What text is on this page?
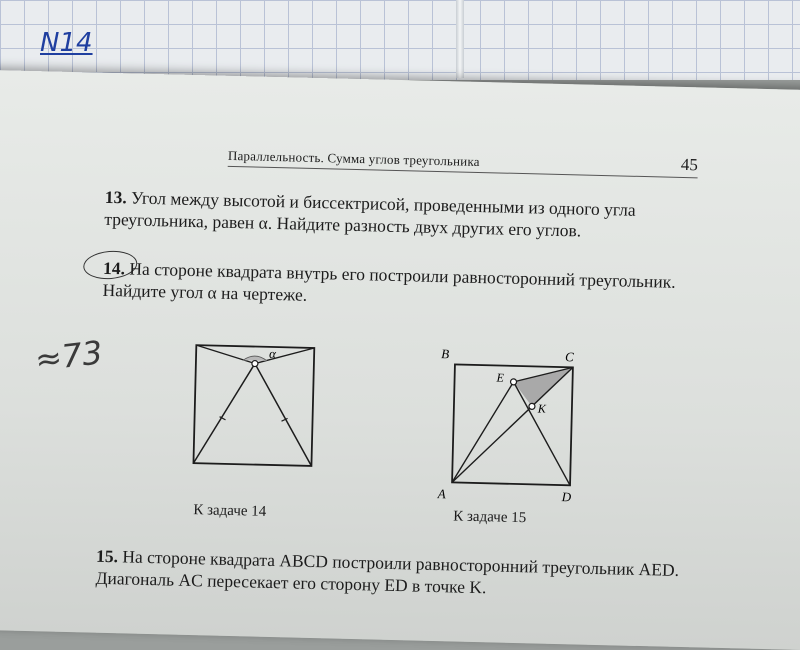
N14
Параллельность. Сумма углов треугольника	45

13. Угол между высотой и биссектрисой, проведенными из одного угла треугольника, равен α. Найдите разность двух других его углов.

14. На стороне квадрата внутрь его построили равносторонний треугольник. Найдите угол α на чертеже.

≈73	α
К задаче 14
B	C
A	D
E
K
К задаче 15

15. На стороне квадрата ABCD построили равносторонний треугольник AED. Диагональ AC пересекает его сторону ED в точке K.
